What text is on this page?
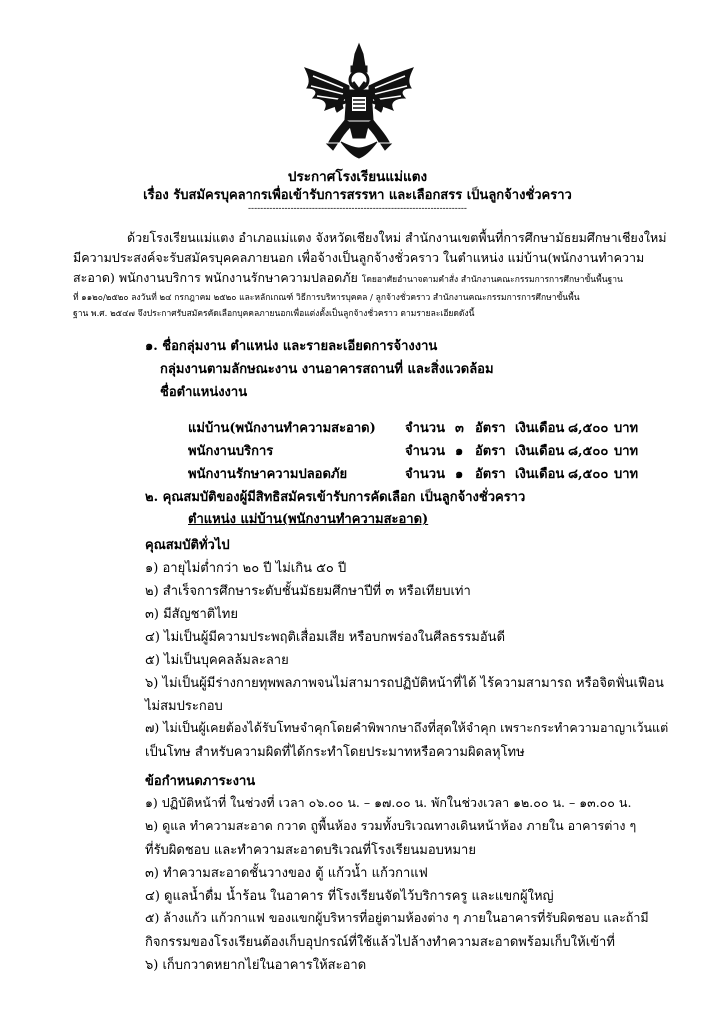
ประกาศโรงเรียนแม่แตง
เรื่อง รับสมัครบุคลากรเพื่อเข้ารับการสรรหา และเลือกสรร เป็นลูกจ้างชั่วคราว
------------------------------------------------------------------------
ด้วยโรงเรียนแม่แตง อำเภอแม่แตง จังหวัดเชียงใหม่ สำนักงานเขตพื้นที่การศึกษามัธยมศึกษาเชียงใหม่
มีความประสงค์จะรับสมัครบุคคลภายนอก เพื่อจ้างเป็นลูกจ้างชั่วคราว ในตำแหน่ง แม่บ้าน(พนักงานทำความ
สะอาด) พนักงานบริการ พนักงานรักษาความปลอดภัย โดยอาศัยอำนาจตามคำสั่ง สำนักงานคณะกรรมการการศึกษาขั้นพื้นฐาน
ที่ ๑๑๒๐/๒๕๒๐ ลงวันที่ ๒๔ กรกฎาคม ๒๕๒๐ และหลักเกณฑ์ วิธีการบริหารบุคคล / ลูกจ้างชั่วคราว สำนักงานคณะกรรมการการศึกษาขั้นพื้น
ฐาน พ.ศ. ๒๕๔๗ จึงประกาศรับสมัครคัดเลือกบุคคลภายนอกเพื่อแต่งตั้งเป็นลูกจ้างชั่วคราว ตามรายละเอียดดังนี้
๑. ชื่อกลุ่มงาน ตำแหน่ง และรายละเอียดการจ้างงาน
กลุ่มงานตามลักษณะงาน งานอาคารสถานที่ และสิ่งแวดล้อม
ชื่อตำแหน่งงาน
แม่บ้าน(พนักงานทำความสะอาด) จำนวน ๓ อัตรา เงินเดือน ๘,๕๐๐ บาท
พนักงานบริการ	จำนวน ๑ อัตรา เงินเดือน ๘,๕๐๐ บาท
พนักงานรักษาความปลอดภัย	จำนวน ๑ อัตรา เงินเดือน ๘,๕๐๐ บาท
๒. คุณสมบัติของผู้มีสิทธิสมัครเข้ารับการคัดเลือก เป็นลูกจ้างชั่วคราว
ตำแหน่ง แม่บ้าน(พนักงานทำความสะอาด)
คุณสมบัติทั่วไป
๑) อายุไม่ต่ำกว่า ๒๐ ปี ไม่เกิน ๕๐ ปี
๒) สำเร็จการศึกษาระดับชั้นมัธยมศึกษาปีที่ ๓ หรือเทียบเท่า
๓) มีสัญชาติไทย
๔) ไม่เป็นผู้มีความประพฤติเสื่อมเสีย หรือบกพร่องในศีลธรรมอันดี
๕) ไม่เป็นบุคคลล้มละลาย
๖) ไม่เป็นผู้มีร่างกายทุพพลภาพจนไม่สามารถปฏิบัติหน้าที่ได้ ไร้ความสามารถ หรือจิตฟั่นเฟือน
ไม่สมประกอบ
๗) ไม่เป็นผู้เคยต้องได้รับโทษจำคุกโดยคำพิพากษาถึงที่สุดให้จำคุก เพราะกระทำความอาญาเว้นแต่
เป็นโทษ สำหรับความผิดที่ได้กระทำโดยประมาทหรือความผิดลหุโทษ
ข้อกำหนดภาระงาน
๑) ปฏิบัติหน้าที่ ในช่วงที่ เวลา ๐๖.๐๐ น. – ๑๗.๐๐ น. พักในช่วงเวลา ๑๒.๐๐ น. – ๑๓.๐๐ น.
๒) ดูแล ทำความสะอาด กวาด ถูพื้นห้อง รวมทั้งบริเวณทางเดินหน้าห้อง ภายใน อาคารต่าง ๆ
ที่รับผิดชอบ และทำความสะอาดบริเวณที่โรงเรียนมอบหมาย
๓) ทำความสะอาดชั้นวางของ ตู้ แก้วน้ำ แก้วกาแฟ
๔) ดูแลน้ำดื่ม น้ำร้อน ในอาคาร ที่โรงเรียนจัดไว้บริการครู และแขกผู้ใหญ่
๕) ล้างแก้ว แก้วกาแฟ ของแขกผู้บริหารที่อยู่ตามห้องต่าง ๆ ภายในอาคารที่รับผิดชอบ และถ้ามี
กิจกรรมของโรงเรียนต้องเก็บอุปกรณ์ที่ใช้แล้วไปล้างทำความสะอาดพร้อมเก็บให้เข้าที่
๖) เก็บกวาดหยากไย่ในอาคารให้สะอาด
